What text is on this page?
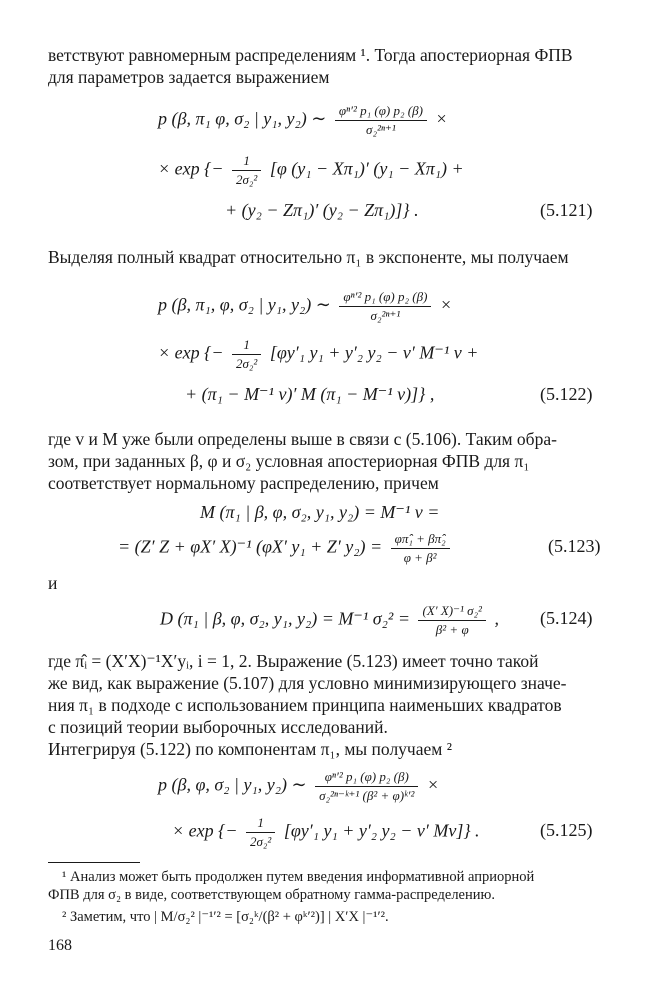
ветствуют равномерным распределениям ¹. Тогда апостериорная ФПВ
для параметров задается выражением
p (β, π₁ φ, σ₂ | y₁, y₂) ∼ $\frac{\text{φⁿ′² p₁ (φ) p₂ (β)}}{\text{σ₂²ⁿ⁺¹}}$ ×
× exp {− $\frac{1}{\text{2σ₂²}} [\varphi$ (y₁ − Xπ₁)′ (y₁ − Xπ₁) +
+ (y₂ − Zπ₁)′ (y₂ − Zπ₁)]} .	(5.121)
Выделяя полный квадрат относительно π₁ в экспоненте, мы получаем
p (β, π₁, φ, σ₂ | y₁, y₂) ∼ $\frac{\text{φⁿ′² p₁ (φ) p₂ (β)}}{\text{σ₂²ⁿ⁺¹}}$ ×
× exp {− $\frac{1}{\text{2σ₂²}} [\varphi y'_1$ y₁ + y′₂ y₂ − v′ M⁻¹ v +
+ (π₁ − M⁻¹ v)′ M (π₁ − M⁻¹ v)]} ,	(5.122)
где v и M уже были определены выше в связи с (5.106). Таким обра-
зом, при заданных β, φ и σ₂ условная апостериорная ФПВ для π₁
соответствует нормальному распределению, причем
M (π₁ | β, φ, σ₂, y₁, y₂) = M⁻¹ v =
= (Z′ Z + φX′ X)⁻¹ (φX′ y₁ + Z′ $y_2) = \frac{\text{φπ̂₁ + βπ̂₂}}{\text{φ + β²}}$	(5.123)
и
D (π₁ | β, φ, σ₂, y₁, y₂) = M⁻¹ $\sigma_2^2 = \frac{\text{(X′ X)⁻¹ σ₂²}}{\text{β² + φ}}$ , (5.124)
где π̂ᵢ = (X′X)⁻¹X′yᵢ, i = 1, 2. Выражение (5.123) имеет точно такой
же вид, как выражение (5.107) для условно минимизирующего значе-
ния π₁ в подходе с использованием принципа наименьших квадратов
с позиций теории выборочных исследований.
Интегрируя (5.122) по компонентам π₁, мы получаем ²
p (β, φ, σ₂ | y₁, y₂) ∼ $\frac{\text{φⁿ′² p₁ (φ) p₂ (β)}}{\text{σ₂²ⁿ⁻ᵏ⁺¹ (β² + φ)ᵏ′²}}$ ×
× exp {− $\frac{1}{\text{2σ₂²}} [\varphi y'_1$ y₁ + y′₂ y₂ − v′ Mv]} .	(5.125)
¹ Анализ может быть продолжен путем введения информативной априорной
ФПВ для σ₂ в виде, соответствующем обратному гамма-распределению.
² Заметим, что | M/σ₂² |⁻¹′² = [σ₂ᵏ/(β² + φᵏ′²)] | X′X |⁻¹′².
168
